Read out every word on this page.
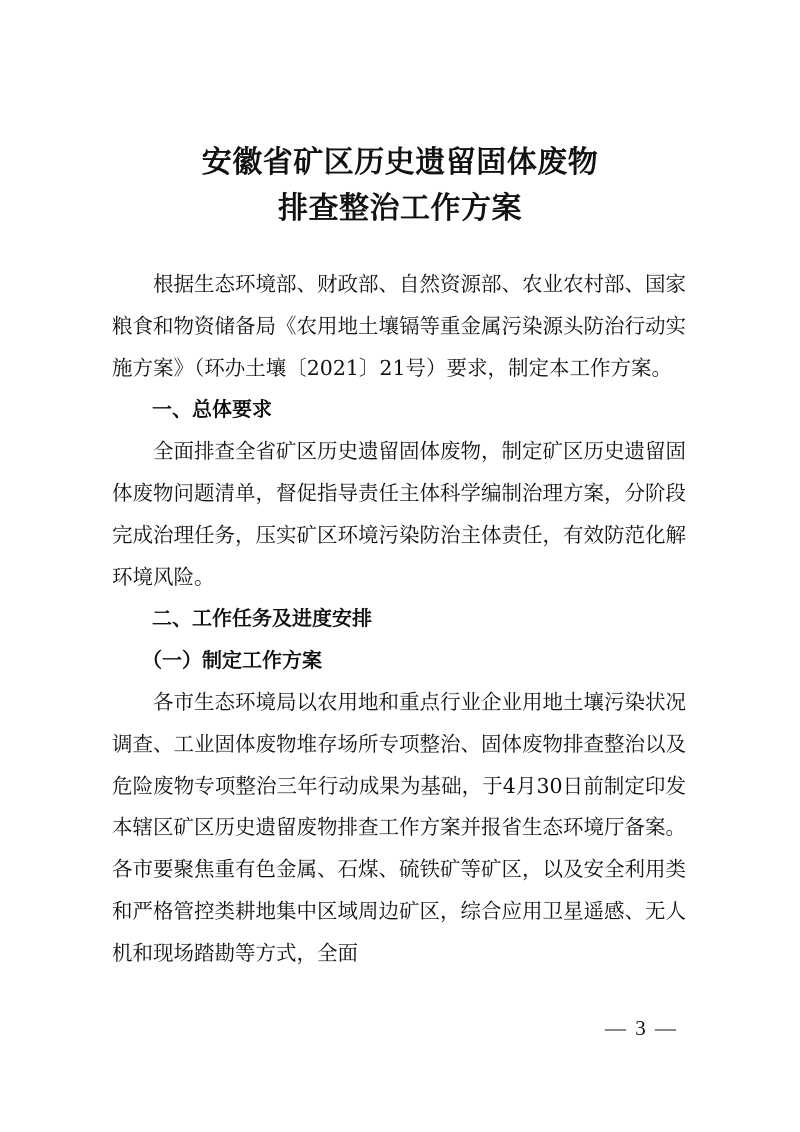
安徽省矿区历史遗留固体废物
排查整治工作方案

根据生态环境部、财政部、自然资源部、农业农村部、国家粮食和物资储备局《农用地土壤镉等重金属污染源头防治行动实施方案》（环办土壤〔2021〕21号）要求，制定本工作方案。

一、总体要求

全面排查全省矿区历史遗留固体废物，制定矿区历史遗留固体废物问题清单，督促指导责任主体科学编制治理方案，分阶段完成治理任务，压实矿区环境污染防治主体责任，有效防范化解环境风险。

二、工作任务及进度安排

（一）制定工作方案

各市生态环境局以农用地和重点行业企业用地土壤污染状况调查、工业固体废物堆存场所专项整治、固体废物排查整治以及危险废物专项整治三年行动成果为基础，于4月30日前制定印发本辖区矿区历史遗留废物排查工作方案并报省生态环境厅备案。各市要聚焦重有色金属、石煤、硫铁矿等矿区，以及安全利用类和严格管控类耕地集中区域周边矿区，综合应用卫星遥感、无人机和现场踏勘等方式，全面

— 3 —
